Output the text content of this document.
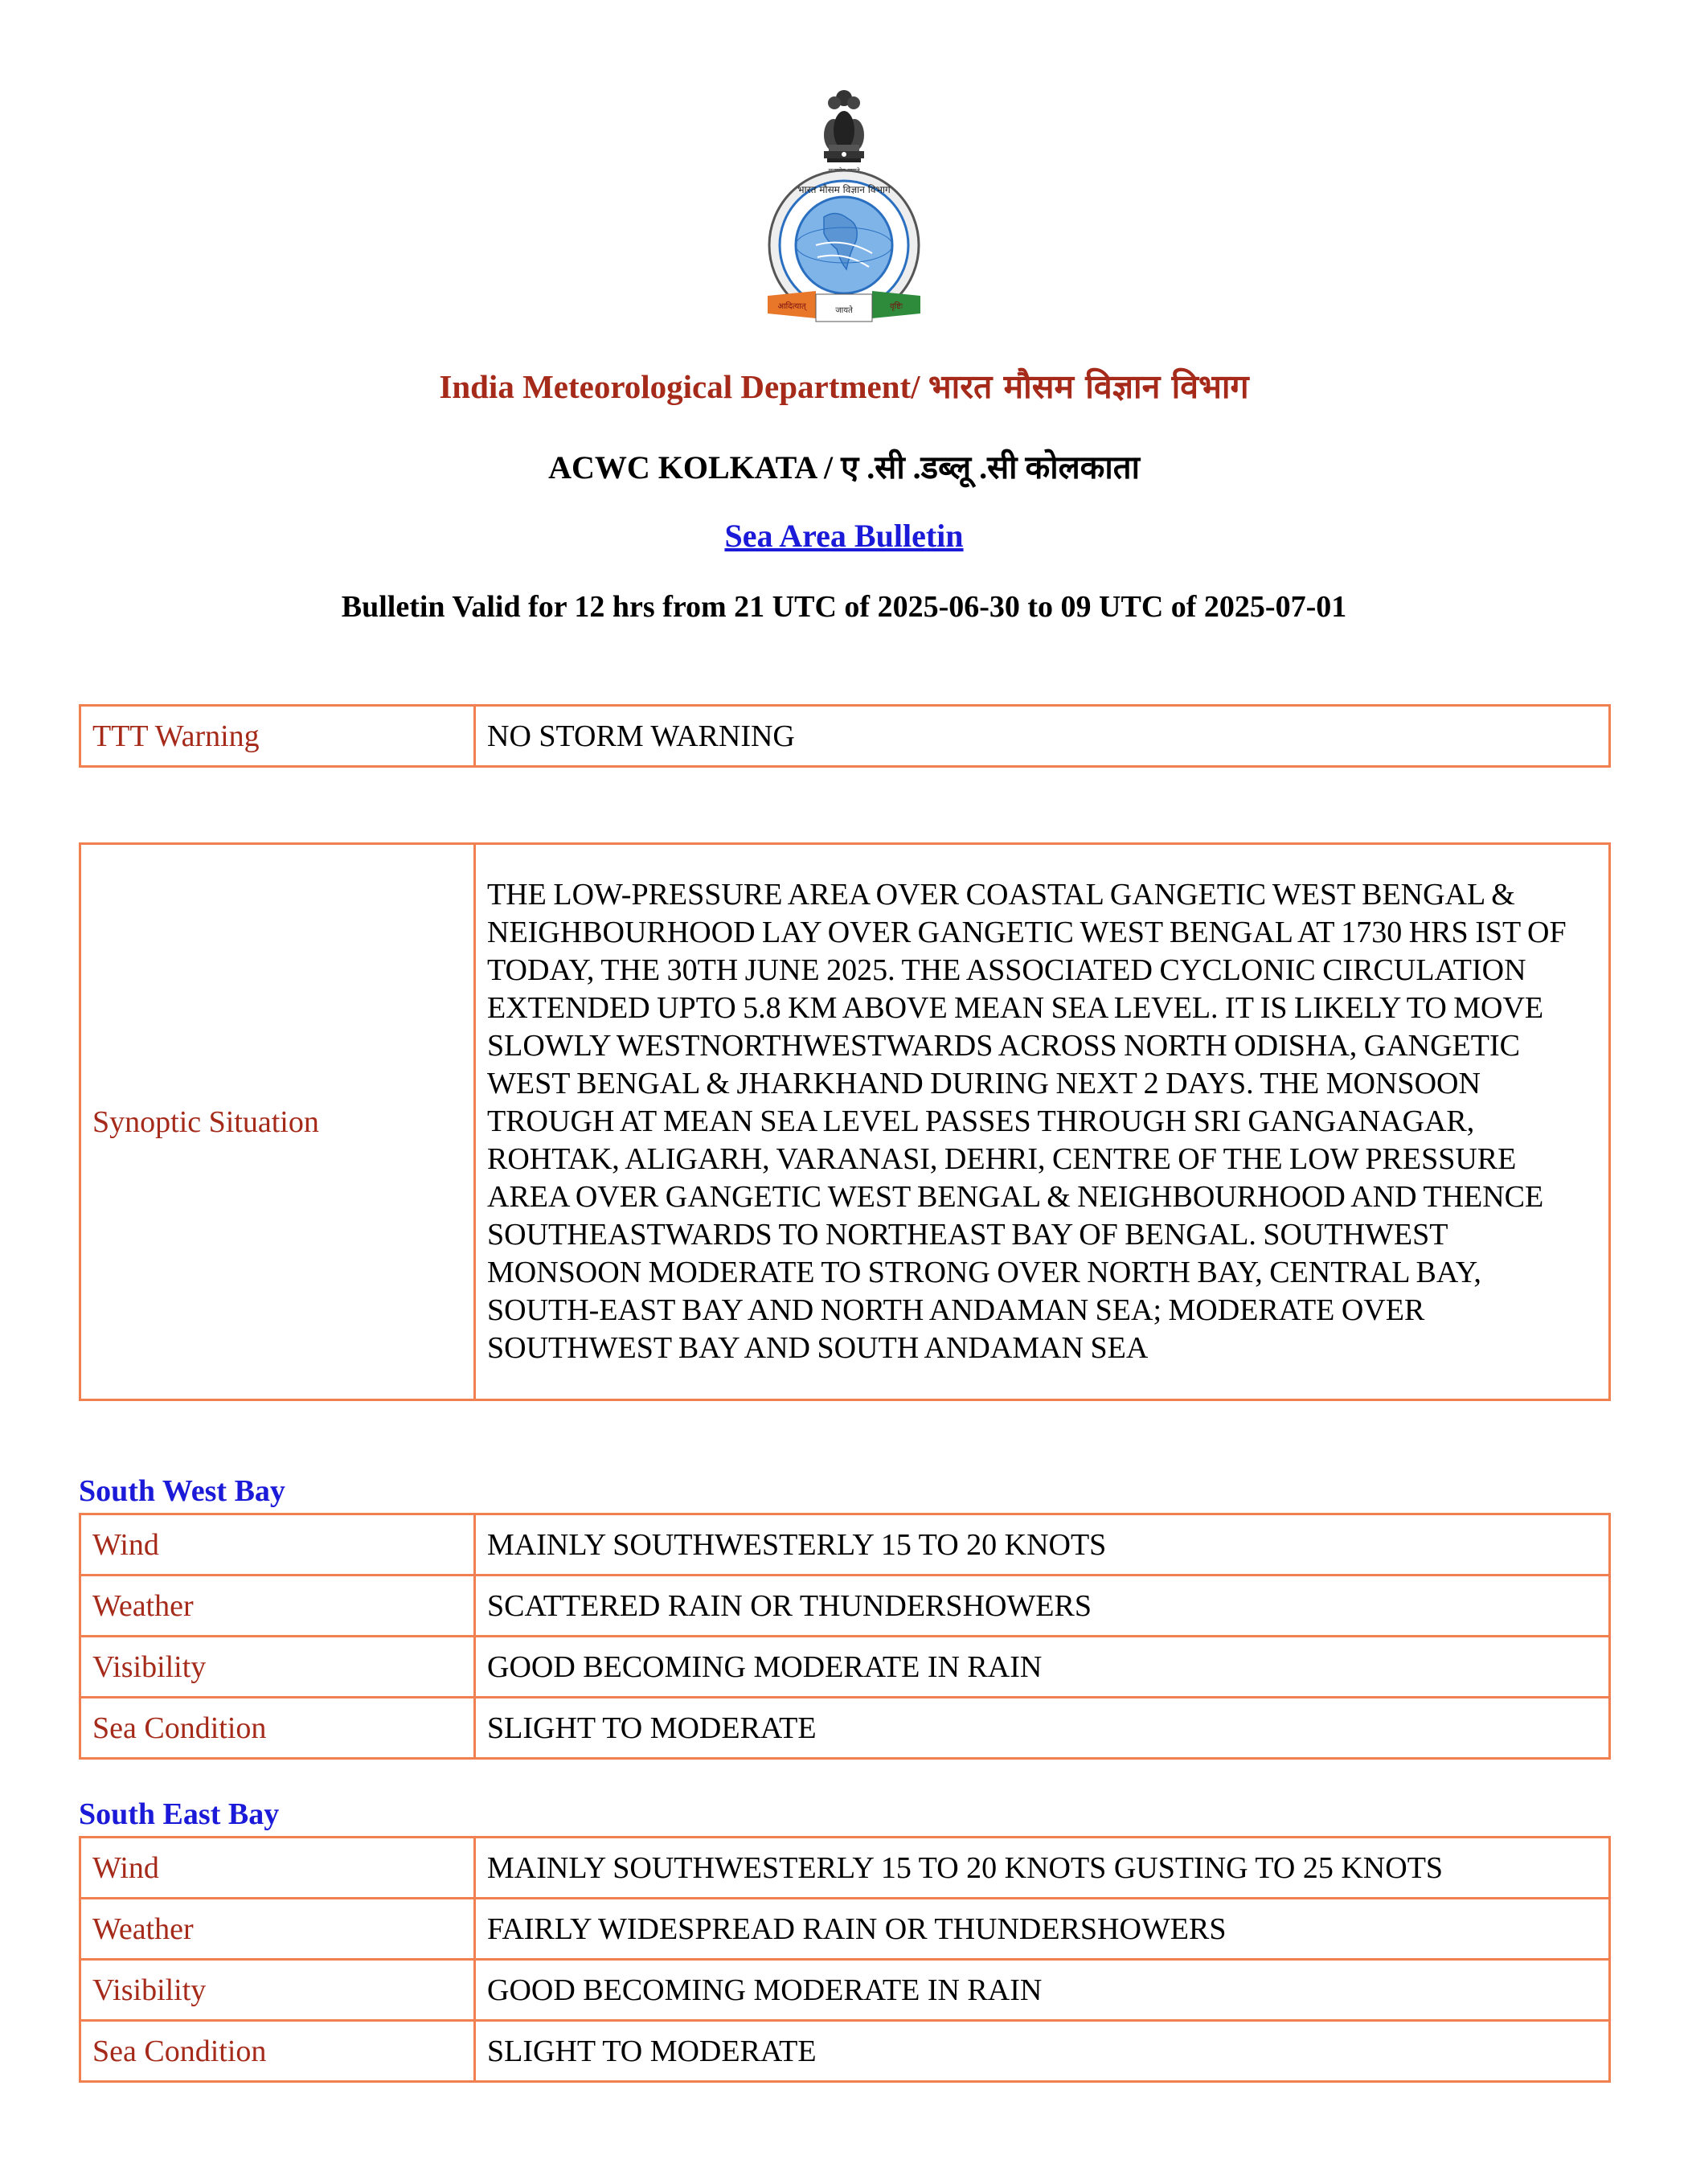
भारत मौसम विज्ञान विभाग
आदित्यात्	जायते	वृष्टिः
India Meteorological Department/ भारत मौसम विज्ञान विभाग
ACWC KOLKATA / ए .सी .डब्लू .सी कोलकाता
Sea Area Bulletin
Bulletin Valid for 12 hrs from 21 UTC of 2025-06-30 to 09 UTC of 2025-07-01
TTT Warning	NO STORM WARNING
Synoptic Situation	THE LOW-PRESSURE AREA OVER COASTAL GANGETIC WEST BENGAL & NEIGHBOURHOOD LAY OVER GANGETIC WEST BENGAL AT 1730 HRS IST OF TODAY, THE 30TH JUNE 2025. THE ASSOCIATED CYCLONIC CIRCULATION EXTENDED UPTO 5.8 KM ABOVE MEAN SEA LEVEL. IT IS LIKELY TO MOVE SLOWLY WESTNORTHWESTWARDS ACROSS NORTH ODISHA, GANGETIC WEST BENGAL & JHARKHAND DURING NEXT 2 DAYS. THE MONSOON TROUGH AT MEAN SEA LEVEL PASSES THROUGH SRI GANGANAGAR, ROHTAK, ALIGARH, VARANASI, DEHRI, CENTRE OF THE LOW PRESSURE AREA OVER GANGETIC WEST BENGAL & NEIGHBOURHOOD AND THENCE SOUTHEASTWARDS TO NORTHEAST BAY OF BENGAL. SOUTHWEST MONSOON MODERATE TO STRONG OVER NORTH BAY, CENTRAL BAY, SOUTH-EAST BAY AND NORTH ANDAMAN SEA; MODERATE OVER SOUTHWEST BAY AND SOUTH ANDAMAN SEA
South West Bay
Wind	MAINLY SOUTHWESTERLY 15 TO 20 KNOTS
Weather	SCATTERED RAIN OR THUNDERSHOWERS
Visibility	GOOD BECOMING MODERATE IN RAIN
Sea Condition	SLIGHT TO MODERATE
South East Bay
Wind	MAINLY SOUTHWESTERLY 15 TO 20 KNOTS GUSTING TO 25 KNOTS
Weather	FAIRLY WIDESPREAD RAIN OR THUNDERSHOWERS
Visibility	GOOD BECOMING MODERATE IN RAIN
Sea Condition	SLIGHT TO MODERATE
